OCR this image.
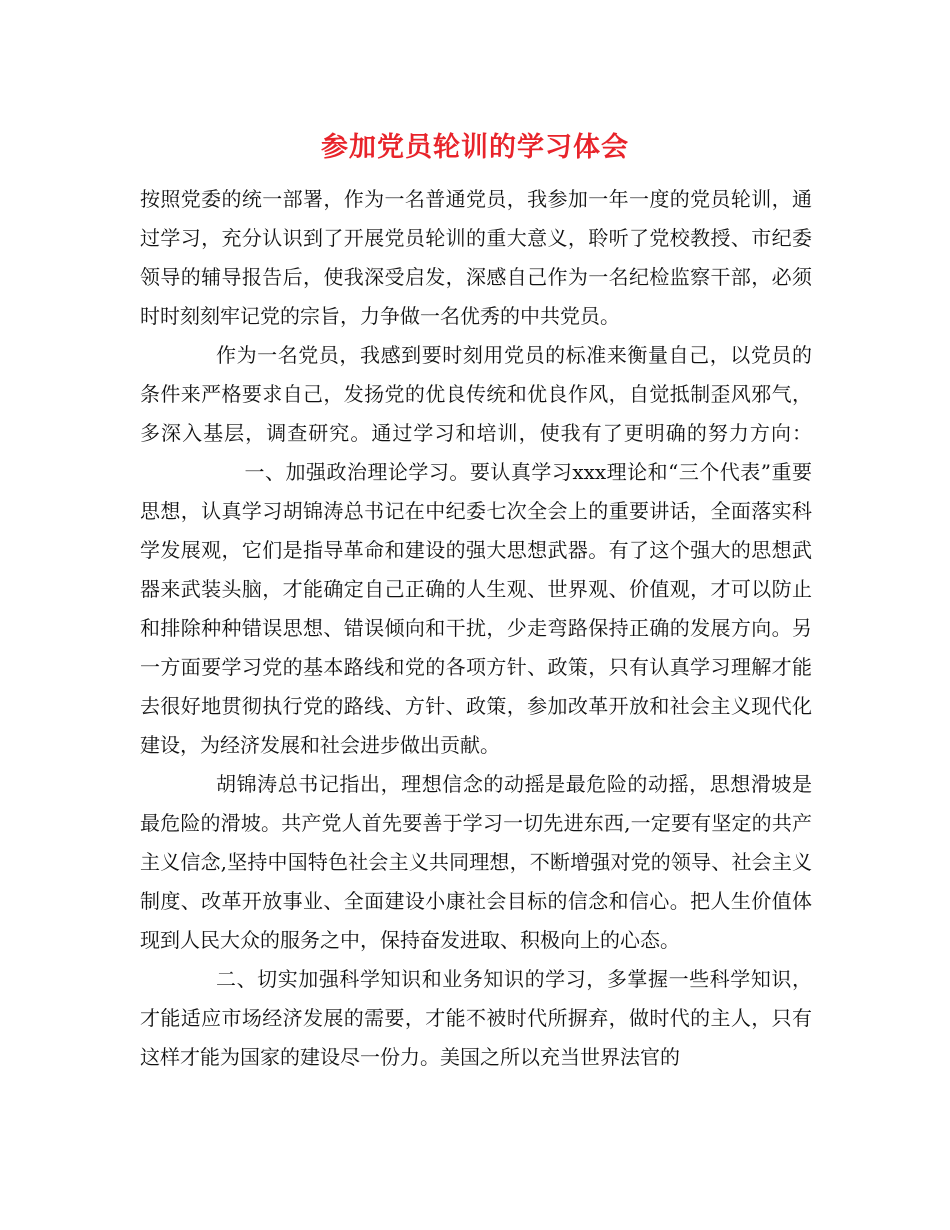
参加党员轮训的学习体会

按照党委的统一部署，作为一名普通党员，我参加一年一度的党员轮训，通过学习，充分认识到了开展党员轮训的重大意义，聆听了党校教授、市纪委领导的辅导报告后，使我深受启发，深感自己作为一名纪检监察干部，必须时时刻刻牢记党的宗旨，力争做一名优秀的中共党员。

作为一名党员，我感到要时刻用党员的标准来衡量自己，以党员的条件来严格要求自己，发扬党的优良传统和优良作风，自觉抵制歪风邪气，多深入基层，调查研究。通过学习和培训，使我有了更明确的努力方向：一、加强政治理论学习。要认真学习xxx理论和“三个代表”重要思想，认真学习胡锦涛总书记在中纪委七次全会上的重要讲话，全面落实科学发展观，它们是指导革命和建设的强大思想武器。有了这个强大的思想武器来武装头脑，才能确定自己正确的人生观、世界观、价值观，才可以防止和排除种种错误思想、错误倾向和干扰，少走弯路保持正确的发展方向。另一方面要学习党的基本路线和党的各项方针、政策，只有认真学习理解才能去很好地贯彻执行党的路线、方针、政策，参加改革开放和社会主义现代化建设，为经济发展和社会进步做出贡献。

胡锦涛总书记指出，理想信念的动摇是最危险的动摇，思想滑坡是最危险的滑坡。共产党人首先要善于学习一切先进东西,一定要有坚定的共产主义信念,坚持中国特色社会主义共同理想，不断增强对党的领导、社会主义制度、改革开放事业、全面建设小康社会目标的信念和信心。把人生价值体现到人民大众的服务之中，保持奋发进取、积极向上的心态。

二、切实加强科学知识和业务知识的学习，多掌握一些科学知识，才能适应市场经济发展的需要，才能不被时代所摒弃，做时代的主人，只有这样才能为国家的建设尽一份力。美国之所以充当世界法官的
